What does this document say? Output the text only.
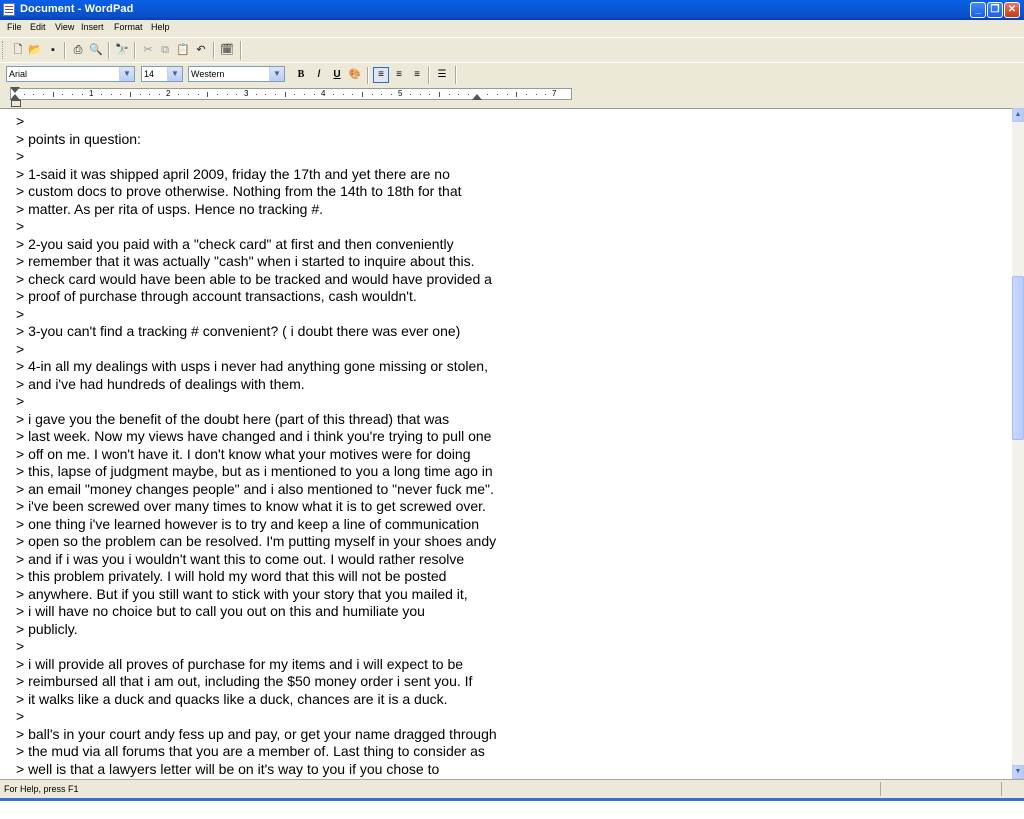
Document - WordPad	_ ❐ ✕
File Edit View Insert Format Help
🗋 📂 ▪	⎙ 🔍 🔭	✂ ⧉ 📋 ↶	🗓
Arial	▼	14	▼	Western	▼	B	/	U 🎨	≡	≡	≡	☰
1	2	3	4	5	7
>
> points in question:
>
> 1-said it was shipped april 2009, friday the 17th and yet there are no
> custom docs to prove otherwise. Nothing from the 14th to 18th for that
> matter. As per rita of usps. Hence no tracking #.
>
> 2-you said you paid with a "check card" at first and then conveniently
> remember that it was actually "cash" when i started to inquire about this.
> check card would have been able to be tracked and would have provided a
> proof of purchase through account transactions, cash wouldn't.
>
> 3-you can't find a tracking # convenient? ( i doubt there was ever one)
>
> 4-in all my dealings with usps i never had anything gone missing or stolen,
> and i've had hundreds of dealings with them.
>
> i gave you the benefit of the doubt here (part of this thread) that was
> last week. Now my views have changed and i think you're trying to pull one
> off on me. I won't have it. I don't know what your motives were for doing
> this, lapse of judgment maybe, but as i mentioned to you a long time ago in
> an email "money changes people" and i also mentioned to "never fuck me".
> i've been screwed over many times to know what it is to get screwed over.
> one thing i've learned however is to try and keep a line of communication
> open so the problem can be resolved. I'm putting myself in your shoes andy
> and if i was you i wouldn't want this to come out. I would rather resolve
> this problem privately. I will hold my word that this will not be posted
> anywhere. But if you still want to stick with your story that you mailed it,
> i will have no choice but to call you out on this and humiliate you
> publicly.
>
> i will provide all proves of purchase for my items and i will expect to be
> reimbursed all that i am out, including the $50 money order i sent you. If
> it walks like a duck and quacks like a duck, chances are it is a duck.
>
> ball's in your court andy fess up and pay, or get your name dragged through
> the mud via all forums that you are a member of. Last thing to consider as
> well is that a lawyers letter will be on it's way to you if you chose to
▲
▼
For Help, press F1
